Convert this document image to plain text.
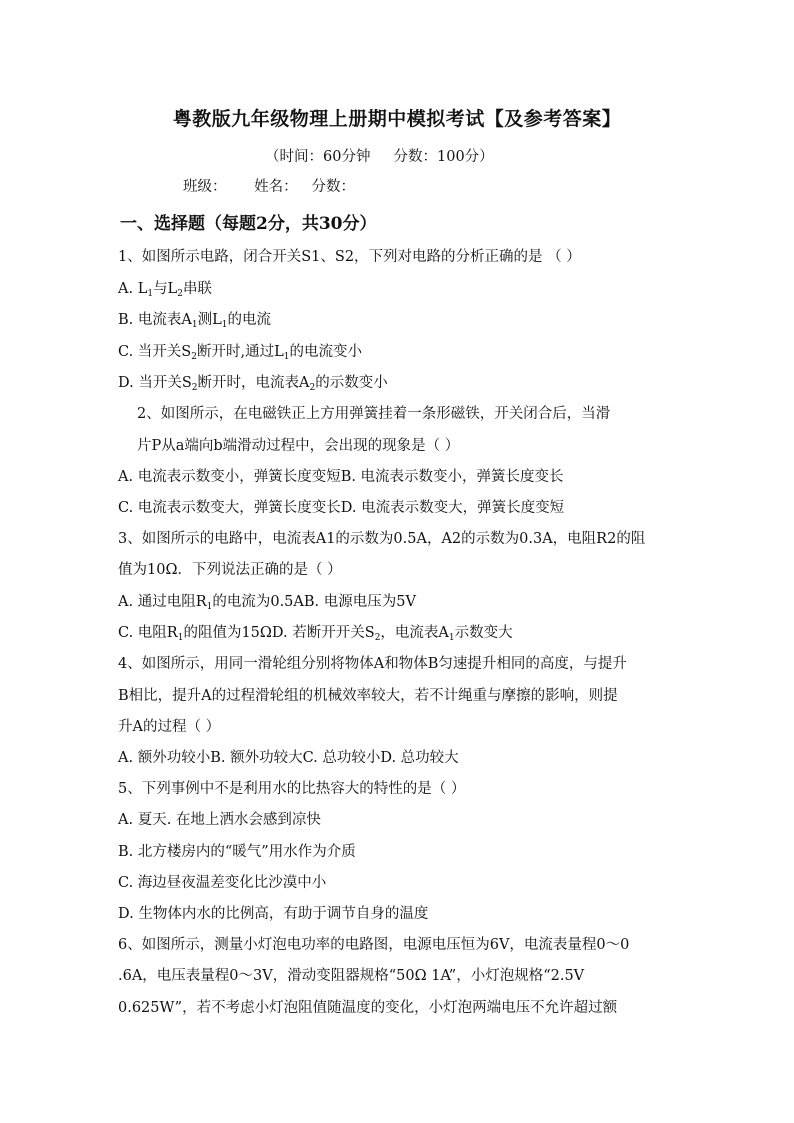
粤教版九年级物理上册期中模拟考试【及参考答案】
（时间：60分钟     分数：100分）
班级：      姓名：   分数：
一、选择题（每题2分，共30分）
1、如图所示电路，闭合开关S1、S2，下列对电路的分析正确的是 （ ）
A. $L_1$与$L_2$串联
B. 电流表$A_1$测$L_1$的电流
C. 当开关$S_2$断开时,通过$L_1$的电流变小
D. 当开关$S_2$断开时，电流表$A_2$的示数变小
2、如图所示，在电磁铁正上方用弹簧挂着一条形磁铁，开关闭合后，当滑
片P从a端向b端滑动过程中，会出现的现象是（ ）
A. 电流表示数变小，弹簧长度变短B. 电流表示数变小，弹簧长度变长
C. 电流表示数变大，弹簧长度变长D. 电流表示数变大，弹簧长度变短
3、如图所示的电路中，电流表A1的示数为0.5A，A2的示数为0.3A，电阻R2的阻
值为10Ω．下列说法正确的是（ ）
A. 通过电阻$R_1$的电流为0.5AB. 电源电压为5V
C. 电阻$R_1$的阻值为15ΩD. 若断开开关$S_2$，电流表$A_1$示数变大
4、如图所示，用同一滑轮组分别将物体A和物体B匀速提升相同的高度，与提升
B相比，提升A的过程滑轮组的机械效率较大，若不计绳重与摩擦的影响，则提
升A的过程（ ）
A. 额外功较小B. 额外功较大C. 总功较小D. 总功较大
5、下列事例中不是利用水的比热容大的特性的是（ ）
A. 夏天. 在地上洒水会感到凉快
B. 北方楼房内的“暖气”用水作为介质
C. 海边昼夜温差变化比沙漠中小
D. 生物体内水的比例高，有助于调节自身的温度
6、如图所示，测量小灯泡电功率的电路图，电源电压恒为6V，电流表量程0～0
.6A，电压表量程0～3V，滑动变阻器规格“50Ω 1A”，小灯泡规格“2.5V
0.625W”，若不考虑小灯泡阻值随温度的变化，小灯泡两端电压不允许超过额
